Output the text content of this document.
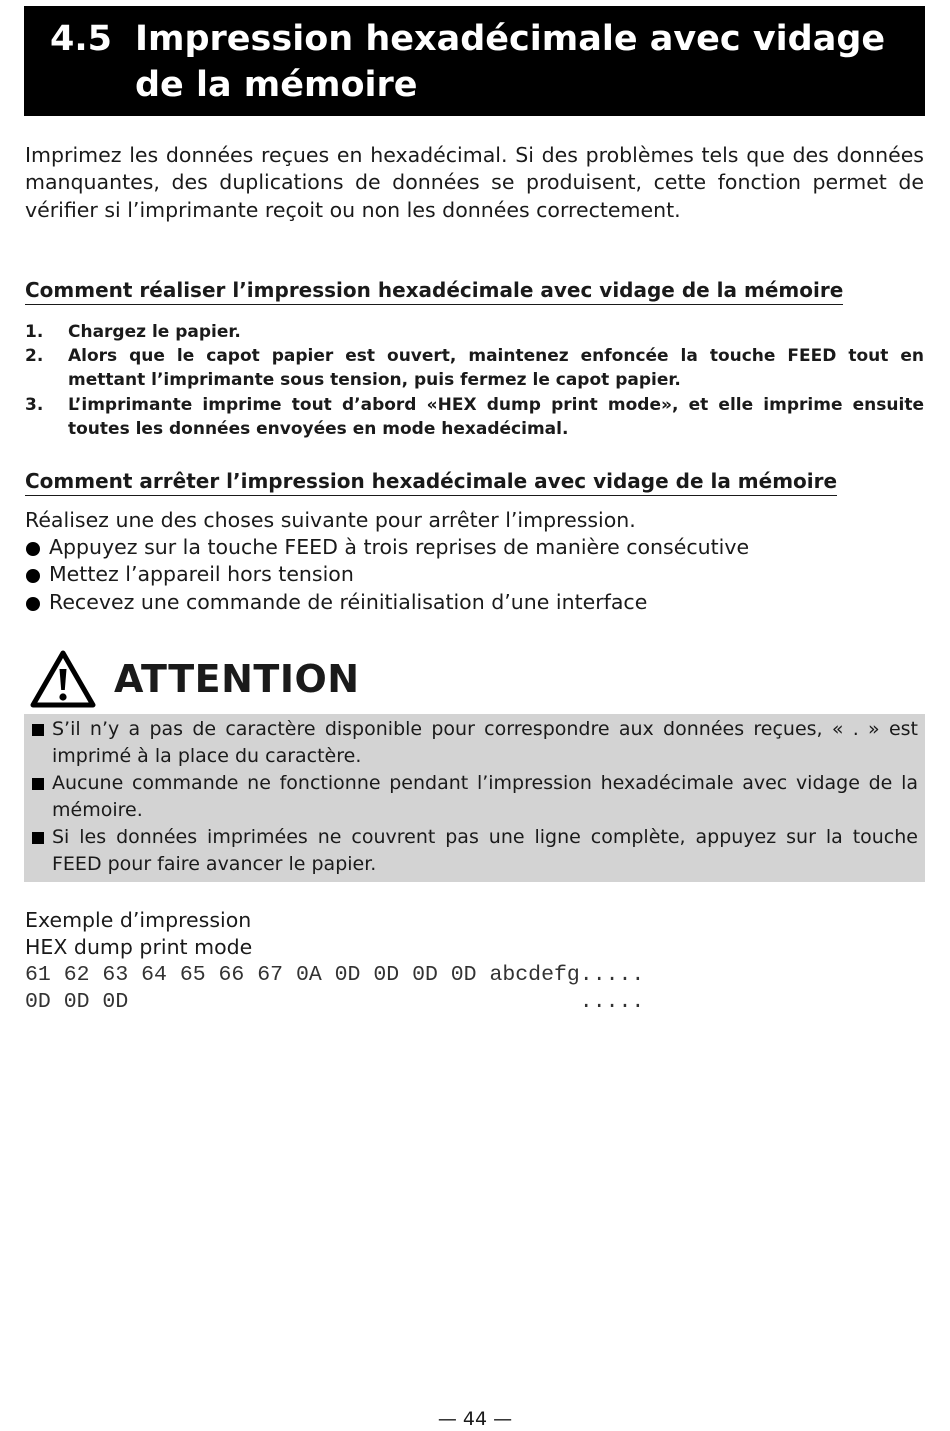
4.5 Impression hexadécimale avec vidage de la mémoire

Imprimez les données reçues en hexadécimal. Si des problèmes tels que des données manquantes, des duplications de données se produisent, cette fonction permet de vérifier si l’imprimante reçoit ou non les données correctement.

Comment réaliser l’impression hexadécimale avec vidage de la mémoire
1. Chargez le papier.
2. Alors que le capot papier est ouvert, maintenez enfoncée la touche FEED tout en mettant l’imprimante sous tension, puis fermez le capot papier.
3. L’imprimante imprime tout d’abord «HEX dump print mode», et elle imprime ensuite toutes les données envoyées en mode hexadécimal.
Comment arrêter l’impression hexadécimale avec vidage de la mémoire

Réalisez une des choses suivante pour arrêter l’impression.

Appuyez sur la touche FEED à trois reprises de manière consécutive
Mettez l’appareil hors tension
Recevez une commande de réinitialisation d’une interface
ATTENTION
S’il n’y a pas de caractère disponible pour correspondre aux données reçues, « . » est imprimé à la place du caractère.
Aucune commande ne fonctionne pendant l’impression hexadécimale avec vidage de la mémoire.
Si les données imprimées ne couvrent pas une ligne complète, appuyez sur la touche FEED pour faire avancer le papier.
Exemple d’impression
HEX dump print mode
61 62 63 64 65 66 67 0A 0D 0D 0D 0D abcdefg.....
0D 0D 0D                                   .....
— 44 —
